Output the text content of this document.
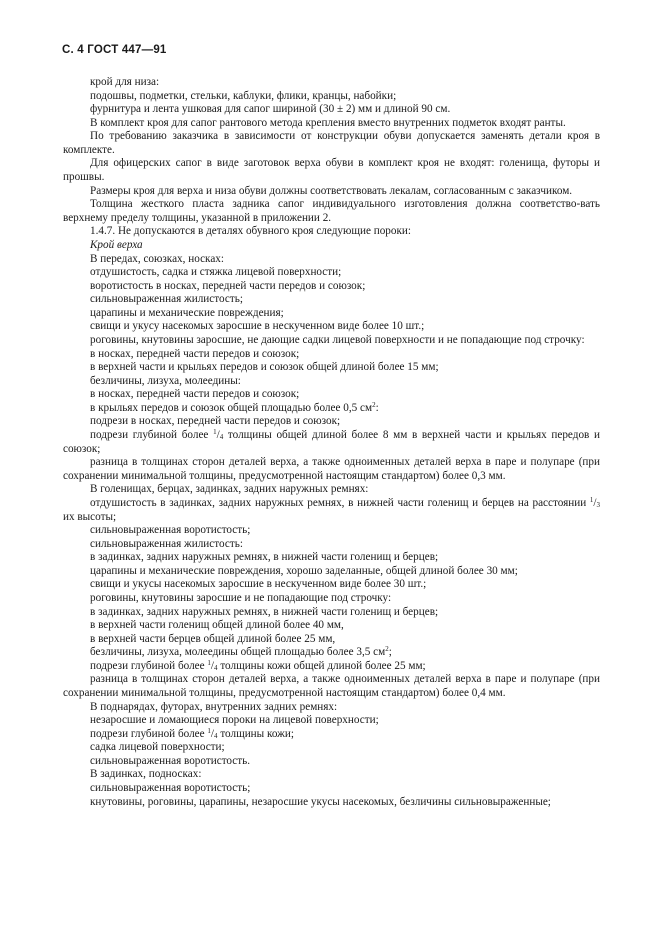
С. 4 ГОСТ 447—91

крой для низа:

подошвы, подметки, стельки, каблуки, флики, кранцы, набойки;

фурнитура и лента ушковая для сапог шириной (30 ± 2) мм и длиной 90 см.

В комплект кроя для сапог рантового метода крепления вместо внутренних подметок входят ранты.

По требованию заказчика в зависимости от конструкции обуви допускается заменять детали кроя в комплекте.

Для офицерских сапог в виде заготовок верха обуви в комплект кроя не входят: голенища, футоры и прошвы.

Размеры кроя для верха и низа обуви должны соответствовать лекалам, согласованным с заказчиком.

Толщина жесткого пласта задника сапог индивидуального изготовления должна соответство-вать верхнему пределу толщины, указанной в приложении 2.

1.4.7. Не допускаются в деталях обувного кроя следующие пороки:

Крой верха

В передах, союзках, носках:

отдушистость, садка и стяжка лицевой поверхности;

воротистость в носках, передней части передов и союзок;

сильновыраженная жилистость;

царапины и механические повреждения;

свищи и укусу насекомых заросшие в нескученном виде более 10 шт.;

роговины, кнутовины заросшие, не дающие садки лицевой поверхности и не попадающие под строчку:

в носках, передней части передов и союзок;

в верхней части и крыльях передов и союзок общей длиной более 15 мм;

безличины, лизуха, молеедины:

в носках, передней части передов и союзок;

в крыльях передов и союзок общей площадью более 0,5 $см^2$:

подрези в носках, передней части передов и союзок;

подрези глубиной более $^1/_4$ толщины общей длиной более 8 мм в верхней части и крыльях передов и союзок;

разница в толщинах сторон деталей верха, а также одноименных деталей верха в паре и полупаре (при сохранении минимальной толщины, предусмотренной настоящим стандартом) более 0,3 мм.

В голенищах, берцах, задинках, задних наружных ремнях:

отдушистость в задинках, задних наружных ремнях, в нижней части голенищ и берцев на расстоянии $^1/_3$ их высоты;

сильновыраженная воротистость;

сильновыраженная жилистость:

в задинках, задних наружных ремнях, в нижней части голенищ и берцев;

царапины и механические повреждения, хорошо заделанные, общей длиной более 30 мм;

свищи и укусы насекомых заросшие в нескученном виде более 30 шт.;

роговины, кнутовины заросшие и не попадающие под строчку:

в задинках, задних наружных ремнях, в нижней части голенищ и берцев;

в верхней части голенищ общей длиной более 40 мм,

в верхней части берцев общей длиной более 25 мм,

безличины, лизуха, молеедины общей площадью более 3,5 $см^2$;

подрези глубиной более $^1/_4$ толщины кожи общей длиной более 25 мм;

разница в толщинах сторон деталей верха, а также одноименных деталей верха в паре и полупаре (при сохранении минимальной толщины, предусмотренной настоящим стандартом) более 0,4 мм.

В поднарядах, футорах, внутренних задних ремнях:

незаросшие и ломающиеся пороки на лицевой поверхности;

подрези глубиной более $^1/_4$ толщины кожи;

садка лицевой поверхности;

сильновыраженная воротистость.

В задинках, подносках:

сильновыраженная воротистость;

кнутовины, роговины, царапины, незаросшие укусы насекомых, безличины сильновыраженные;
